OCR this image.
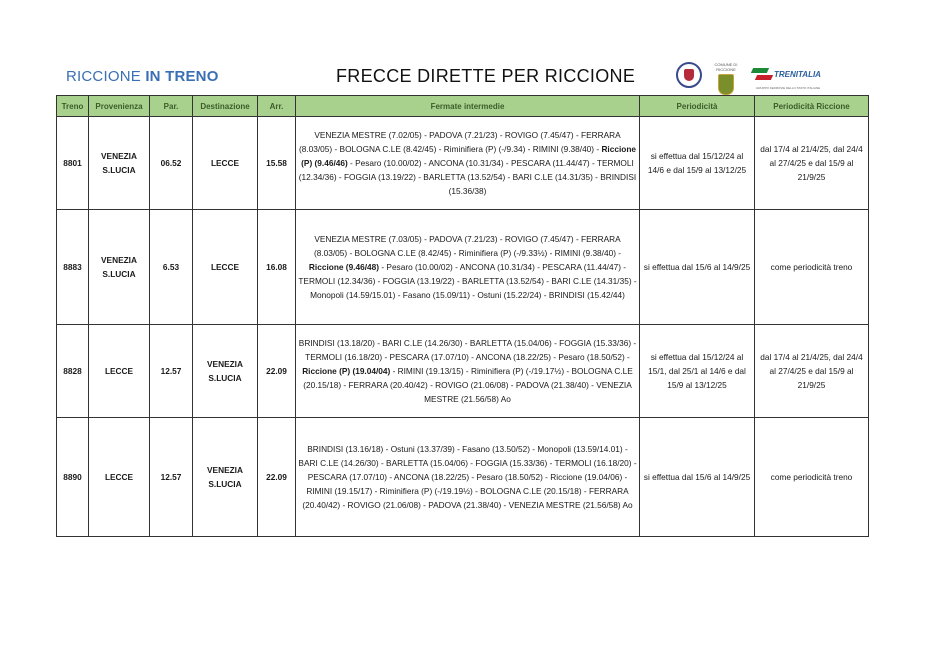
RICCIONE IN TRENO	FRECCE DIRETTE PER RICCIONE
COMUNE DI RICCIONE
TRENITALIA
GRUPPO FERROVIE DELLO STATO ITALIANE
Treno	Provenienza	Par.	Destinazione	Arr.	Fermate intermedie	Periodicità	Periodicità Riccione
8801	VENEZIA S.LUCIA	06.52	LECCE	15.58	VENEZIA MESTRE (7.02/05) - PADOVA (7.21/23) - ROVIGO (7.45/47) - FERRARA (8.03/05) - BOLOGNA C.LE (8.42/45) - Riminifiera (P) (-/9.34) - RIMINI (9.38/40) - Riccione (P) (9.46/46) - Pesaro (10.00/02) - ANCONA (10.31/34) - PESCARA (11.44/47) - TERMOLI (12.34/36) - FOGGIA (13.19/22) - BARLETTA (13.52/54) - BARI C.LE (14.31/35) - BRINDISI (15.36/38)	si effettua dal 15/12/24 al 14/6 e dal 15/9 al 13/12/25	dal 17/4 al 21/4/25, dal 24/4 al 27/4/25 e dal 15/9 al 21/9/25
8883	VENEZIA S.LUCIA	6.53	LECCE	16.08	VENEZIA MESTRE (7.03/05) - PADOVA (7.21/23) - ROVIGO (7.45/47) - FERRARA (8.03/05) - BOLOGNA C.LE (8.42/45) - Riminifiera (P) (-/9.33½) - RIMINI (9.38/40) - Riccione (9.46/48) - Pesaro (10.00/02) - ANCONA (10.31/34) - PESCARA (11.44/47) - TERMOLI (12.34/36) - FOGGIA (13.19/22) - BARLETTA (13.52/54) - BARI C.LE (14.31/35) - Monopoli (14.59/15.01) - Fasano (15.09/11) - Ostuni (15.22/24) - BRINDISI (15.42/44)	si effettua dal 15/6 al 14/9/25	come periodicità treno
8828	LECCE	12.57	VENEZIA S.LUCIA	22.09	BRINDISI (13.18/20) - BARI C.LE (14.26/30) - BARLETTA (15.04/06) - FOGGIA (15.33/36) - TERMOLI (16.18/20) - PESCARA (17.07/10) - ANCONA (18.22/25) - Pesaro (18.50/52) - Riccione (P) (19.04/04) - RIMINI (19.13/15) - Riminifiera (P) (-/19.17½) - BOLOGNA C.LE (20.15/18) - FERRARA (20.40/42) - ROVIGO (21.06/08) - PADOVA (21.38/40) - VENEZIA MESTRE (21.56/58) Ao	si effettua dal 15/12/24 al 15/1, dal 25/1 al 14/6 e dal 15/9 al 13/12/25	dal 17/4 al 21/4/25, dal 24/4 al 27/4/25 e dal 15/9 al 21/9/25
8890	LECCE	12.57	VENEZIA S.LUCIA	22.09	BRINDISI (13.16/18) - Ostuni (13.37/39) - Fasano (13.50/52) - Monopoli (13.59/14.01) - BARI C.LE (14.26/30) - BARLETTA (15.04/06) - FOGGIA (15.33/36) - TERMOLI (16.18/20) - PESCARA (17.07/10) - ANCONA (18.22/25) - Pesaro (18.50/52) - Riccione (19.04/06) - RIMINI (19.15/17) - Riminifiera (P) (-/19.19½) - BOLOGNA C.LE (20.15/18) - FERRARA (20.40/42) - ROVIGO (21.06/08) - PADOVA (21.38/40) - VENEZIA MESTRE (21.56/58) Ao	si effettua dal 15/6 al 14/9/25	come periodicità treno
